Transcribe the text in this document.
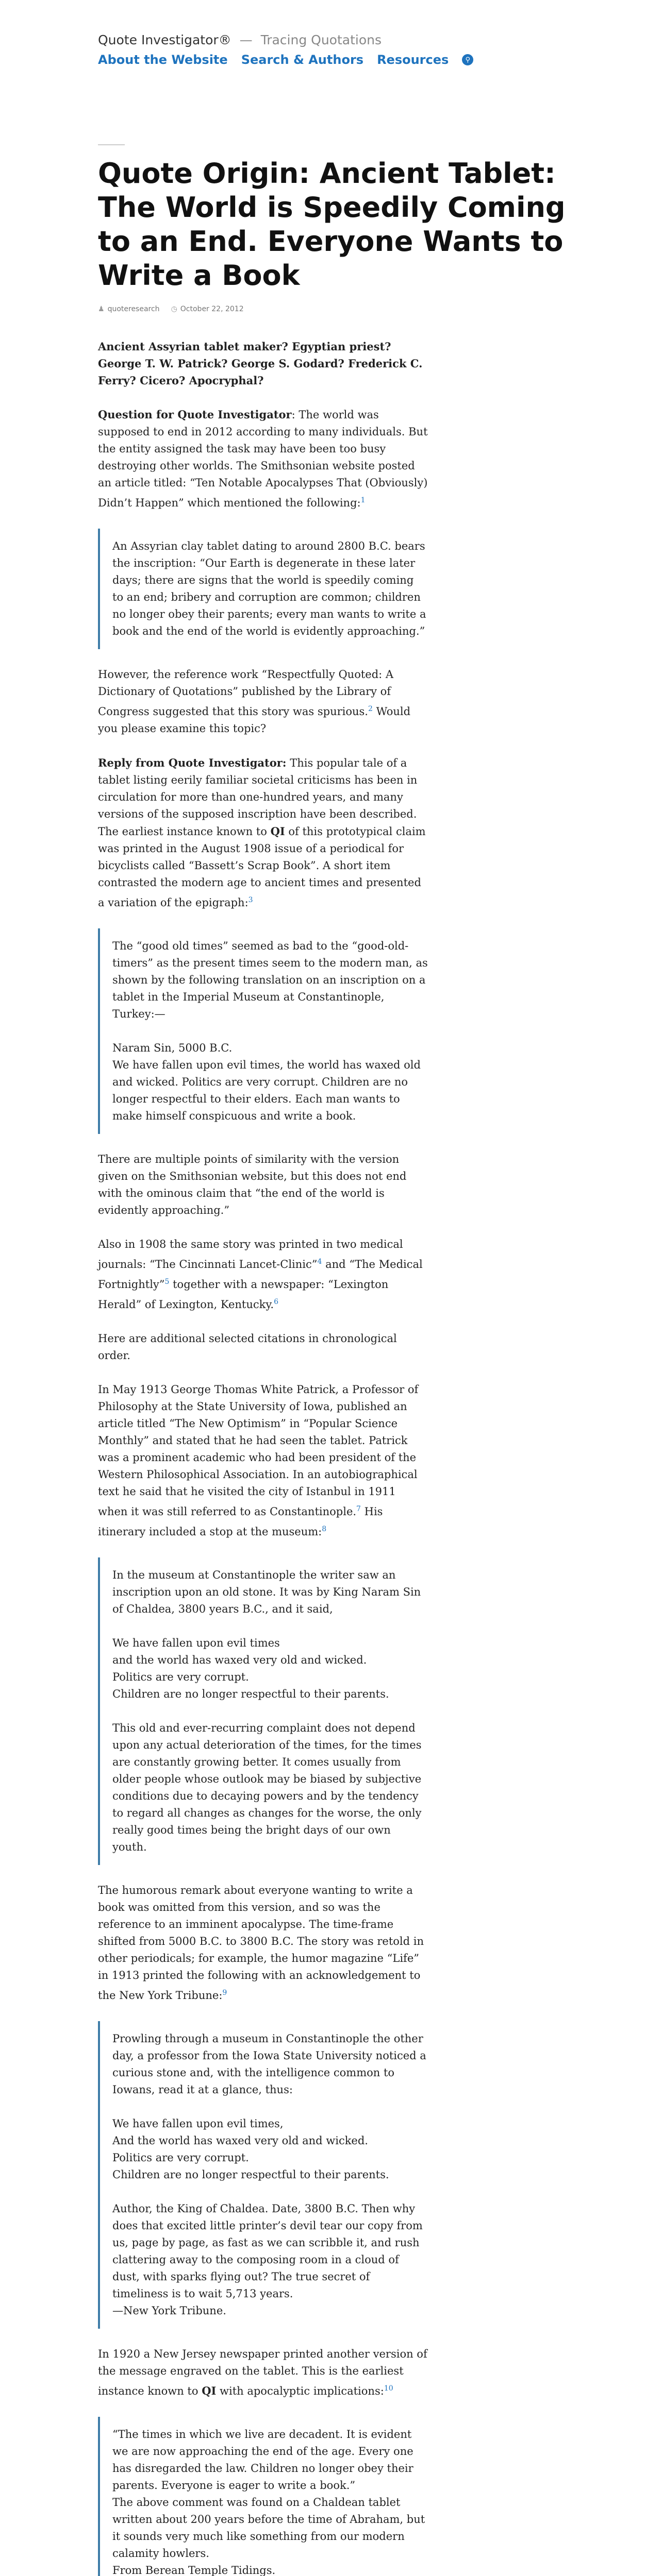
Quote Investigator® — Tracing Quotations
About the Website Search & Authors Resources	⚲
Quote Origin: Ancient Tablet: The World is Speedily Coming to an End. Everyone Wants to Write a Book
♟ quoteresearch ◷ October 22, 2012

Ancient Assyrian tablet maker? Egyptian priest? George T. W. Patrick? George S. Godard? Frederick C. Ferry? Cicero? Apocryphal?

Question for Quote Investigator: The world was supposed to end in 2012 according to many individuals. But the entity assigned the task may have been too busy destroying other worlds. The Smithsonian website posted an article titled: “Ten Notable Apocalypses That (Obviously) Didn’t Happen” which mentioned the following:$^1$

An Assyrian clay tablet dating to around 2800 B.C. bears the inscription: “Our Earth is degenerate in these later days; there are signs that the world is speedily coming to an end; bribery and corruption are common; children no longer obey their parents; every man wants to write a book and the end of the world is evidently approaching.”

However, the reference work “Respectfully Quoted: A Dictionary of Quotations” published by the Library of Congress suggested that this story was spurious.$^2$ Would you please examine this topic?

Reply from Quote Investigator: This popular tale of a tablet listing eerily familiar societal criticisms has been in circulation for more than one-hundred years, and many versions of the supposed inscription have been described. The earliest instance known to QI of this prototypical claim was printed in the August 1908 issue of a periodical for bicyclists called “Bassett’s Scrap Book”. A short item contrasted the modern age to ancient times and presented a variation of the epigraph:$^3$

The “good old times” seemed as bad to the “good-old-timers” as the present times seem to the modern man, as shown by the following translation on an inscription on a tablet in the Imperial Museum at Constantinople, Turkey:—

Naram Sin, 5000 B.C.
We have fallen upon evil times, the world has waxed old and wicked. Politics are very corrupt. Children are no longer respectful to their elders. Each man wants to make himself conspicuous and write a book.

There are multiple points of similarity with the version given on the Smithsonian website, but this does not end with the ominous claim that “the end of the world is evidently approaching.”

Also in 1908 the same story was printed in two medical journals: “The Cincinnati Lancet-Clinic”$^4$ and “The Medical Fortnightly”$^5$ together with a newspaper: “Lexington Herald” of Lexington, Kentucky.$^6$

Here are additional selected citations in chronological order.

In May 1913 George Thomas White Patrick, a Professor of Philosophy at the State University of Iowa, published an article titled “The New Optimism” in “Popular Science Monthly” and stated that he had seen the tablet. Patrick was a prominent academic who had been president of the Western Philosophical Association. In an autobiographical text he said that he visited the city of Istanbul in 1911 when it was still referred to as Constantinople.$^7$ His itinerary included a stop at the museum:$^8$

In the museum at Constantinople the writer saw an inscription upon an old stone. It was by King Naram Sin of Chaldea, 3800 years B.C., and it said,

We have fallen upon evil times
and the world has waxed very old and wicked.
Politics are very corrupt.
Children are no longer respectful to their parents.

This old and ever-recurring complaint does not depend upon any actual deterioration of the times, for the times are constantly growing better. It comes usually from older people whose outlook may be biased by subjective conditions due to decaying powers and by the tendency to regard all changes as changes for the worse, the only really good times being the bright days of our own youth.

The humorous remark about everyone wanting to write a book was omitted from this version, and so was the reference to an imminent apocalypse. The time-frame shifted from 5000 B.C. to 3800 B.C. The story was retold in other periodicals; for example, the humor magazine “Life” in 1913 printed the following with an acknowledgement to the New York Tribune:$^9$

Prowling through a museum in Constantinople the other day, a professor from the Iowa State University noticed a curious stone and, with the intelligence common to Iowans, read it at a glance, thus:

We have fallen upon evil times,
And the world has waxed very old and wicked.
Politics are very corrupt.
Children are no longer respectful to their parents.

Author, the King of Chaldea. Date, 3800 B.C. Then why does that excited little printer’s devil tear our copy from us, page by page, as fast as we can scribble it, and rush clattering away to the composing room in a cloud of dust, with sparks flying out? The true secret of timeliness is to wait 5,713 years.
—New York Tribune.

In 1920 a New Jersey newspaper printed another version of the message engraved on the tablet. This is the earliest instance known to QI with apocalyptic implications:$^{10}$

“The times in which we live are decadent. It is evident we are now approaching the end of the age. Every one has disregarded the law. Children no longer obey their parents. Everyone is eager to write a book.”
The above comment was found on a Chaldean tablet written about 200 years before the time of Abraham, but it sounds very much like something from our modern calamity howlers.
From Berean Temple Tidings.
